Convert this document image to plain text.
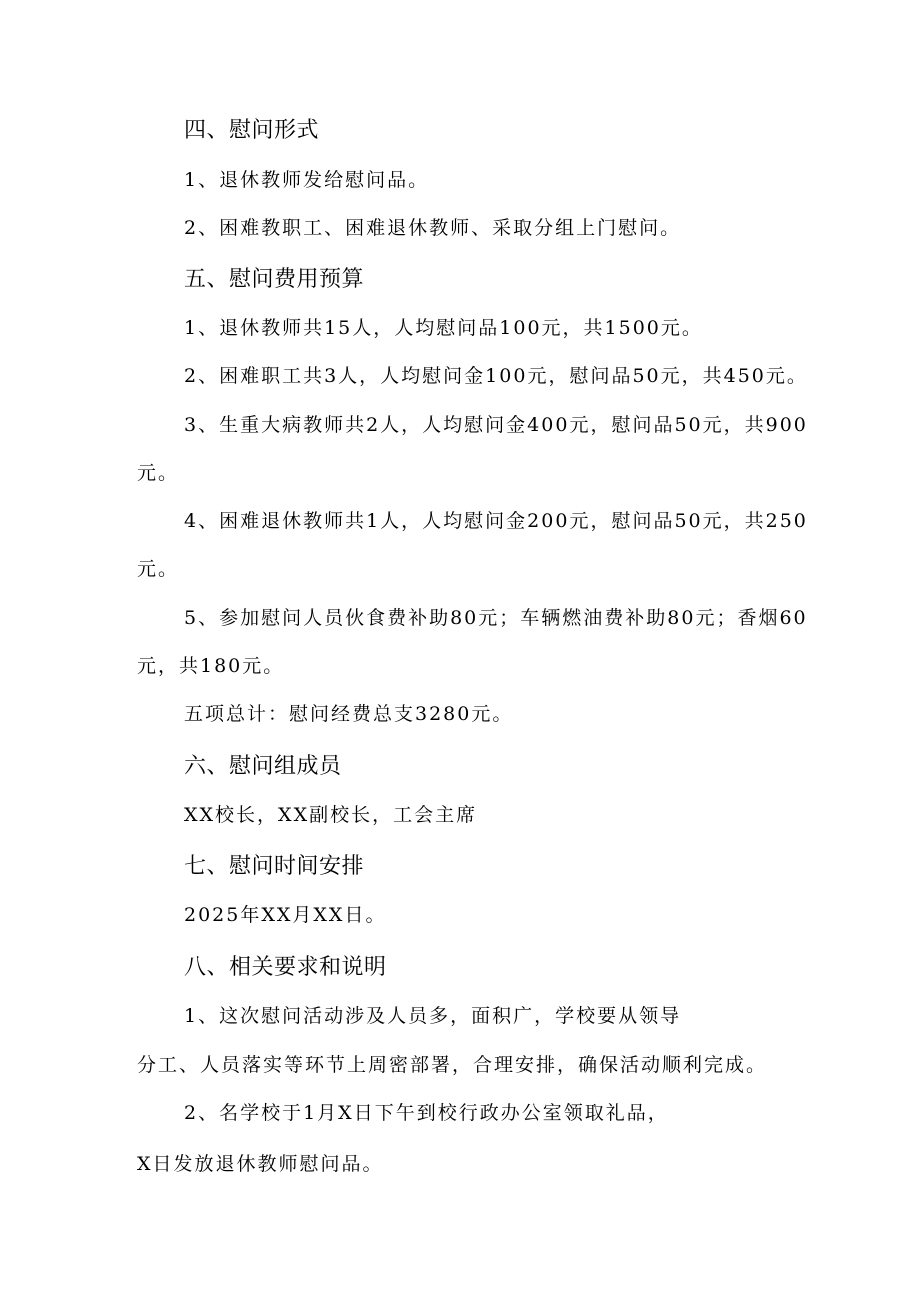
四、慰问形式
1、退休教师发给慰问品。
2、困难教职工、困难退休教师、采取分组上门慰问。
五、慰问费用预算
1、退休教师共15人，人均慰问品100元，共1500元。
2、困难职工共3人，人均慰问金100元，慰问品50元，共450元。
3、生重大病教师共2人，人均慰问金400元，慰问品50元，共900
元。
4、困难退休教师共1人，人均慰问金200元，慰问品50元，共250
元。
5、参加慰问人员伙食费补助80元；车辆燃油费补助80元；香烟60
元，共180元。
五项总计：慰问经费总支3280元。
六、慰问组成员
XX校长，XX副校长，工会主席
七、慰问时间安排
2025年XX月XX日。
八、相关要求和说明
1、这次慰问活动涉及人员多，面积广，学校要从领导
分工、人员落实等环节上周密部署，合理安排，确保活动顺利完成。
2、名学校于1月X日下午到校行政办公室领取礼品，
X日发放退休教师慰问品。
